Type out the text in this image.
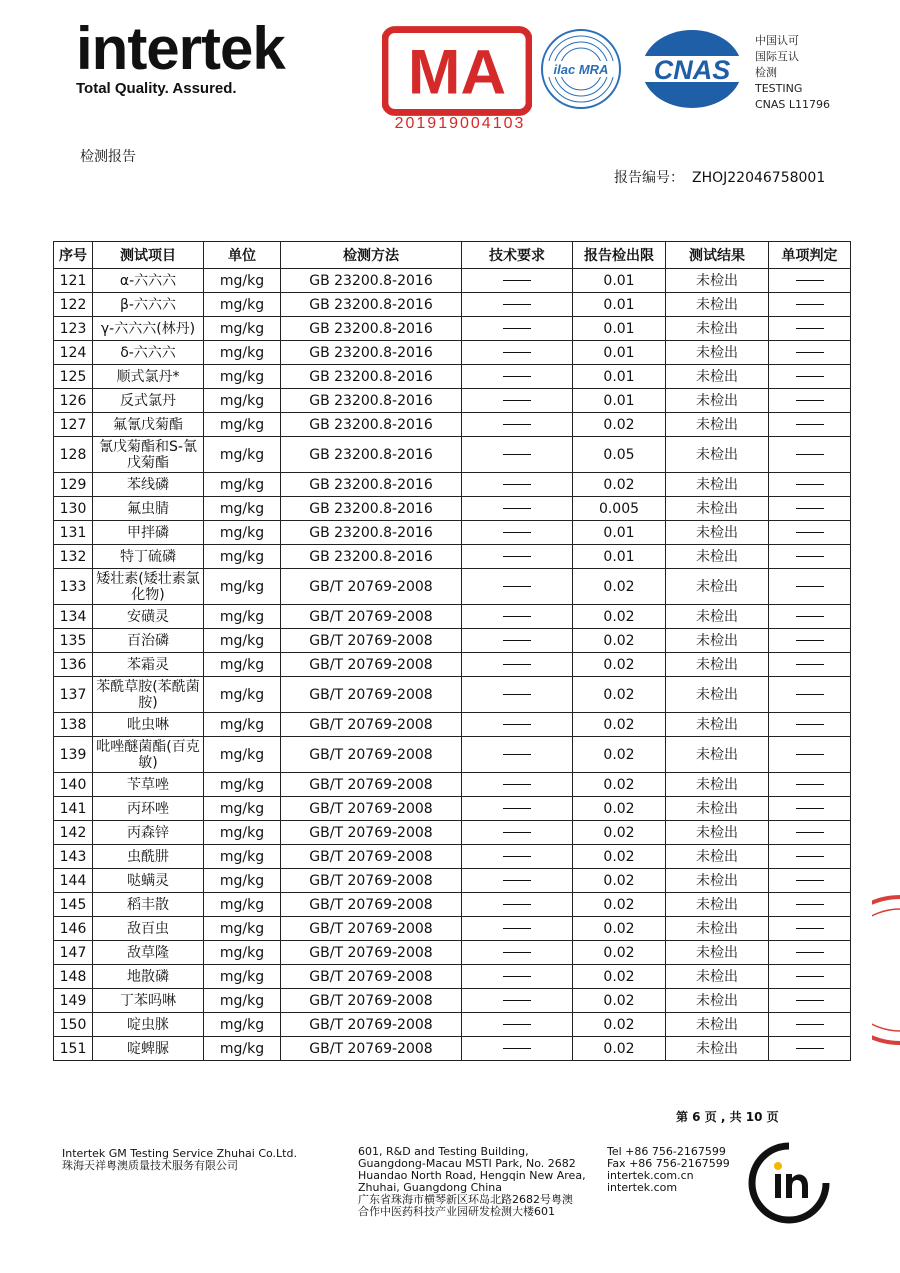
intertek
Total Quality. Assured.	MA
201919004103
ilac MRA CNAS
中国认可
国际互认
检测
TESTING
CNAS L11796
检测报告
报告编号： ZHOJ22046758001
序号	测试项目	单位	检测方法	技术要求	报告检出限	测试结果	单项判定
121	α-六六六	mg/kg	GB 23200.8-2016		0.01	未检出	
122	β-六六六	mg/kg	GB 23200.8-2016		0.01	未检出	
123	γ-六六六(林丹)	mg/kg	GB 23200.8-2016		0.01	未检出	
124	δ-六六六	mg/kg	GB 23200.8-2016		0.01	未检出	
125	顺式氯丹*	mg/kg	GB 23200.8-2016		0.01	未检出	
126	反式氯丹	mg/kg	GB 23200.8-2016		0.01	未检出	
127	氟氰戊菊酯	mg/kg	GB 23200.8-2016		0.02	未检出	
128	氰戊菊酯和S-氰戊菊酯	mg/kg	GB 23200.8-2016		0.05	未检出	
129	苯线磷	mg/kg	GB 23200.8-2016		0.02	未检出	
130	氟虫腈	mg/kg	GB 23200.8-2016		0.005	未检出	
131	甲拌磷	mg/kg	GB 23200.8-2016		0.01	未检出	
132	特丁硫磷	mg/kg	GB 23200.8-2016		0.01	未检出	
133	矮壮素(矮壮素氯化物)	mg/kg	GB/T 20769-2008		0.02	未检出	
134	安磺灵	mg/kg	GB/T 20769-2008		0.02	未检出	
135	百治磷	mg/kg	GB/T 20769-2008		0.02	未检出	
136	苯霜灵	mg/kg	GB/T 20769-2008		0.02	未检出	
137	苯酰草胺(苯酰菌胺)	mg/kg	GB/T 20769-2008		0.02	未检出	
138	吡虫啉	mg/kg	GB/T 20769-2008		0.02	未检出	
139	吡唑醚菌酯(百克敏)	mg/kg	GB/T 20769-2008		0.02	未检出	
140	苄草唑	mg/kg	GB/T 20769-2008		0.02	未检出	
141	丙环唑	mg/kg	GB/T 20769-2008		0.02	未检出	
142	丙森锌	mg/kg	GB/T 20769-2008		0.02	未检出	
143	虫酰肼	mg/kg	GB/T 20769-2008		0.02	未检出	
144	哒螨灵	mg/kg	GB/T 20769-2008		0.02	未检出	
145	稻丰散	mg/kg	GB/T 20769-2008		0.02	未检出	
146	敌百虫	mg/kg	GB/T 20769-2008		0.02	未检出	
147	敌草隆	mg/kg	GB/T 20769-2008		0.02	未检出	
148	地散磷	mg/kg	GB/T 20769-2008		0.02	未检出	
149	丁苯吗啉	mg/kg	GB/T 20769-2008		0.02	未检出	
150	啶虫脒	mg/kg	GB/T 20769-2008		0.02	未检出	
151	啶蜱脲	mg/kg	GB/T 20769-2008		0.02	未检出	
第 6 页 , 共 10 页
Intertek GM Testing Service Zhuhai Co.Ltd.
珠海天祥粤澳质量技术服务有限公司
601, R&D and Testing Building,
Guangdong-Macau MSTI Park, No. 2682
Huandao North Road, Hengqin New Area,
Zhuhai, Guangdong China
广东省珠海市横琴新区环岛北路2682号粤澳
合作中医药科技产业园研发检测大楼601
Tel +86 756-2167599
Fax +86 756-2167599
intertek.com.cn
intertek.com
